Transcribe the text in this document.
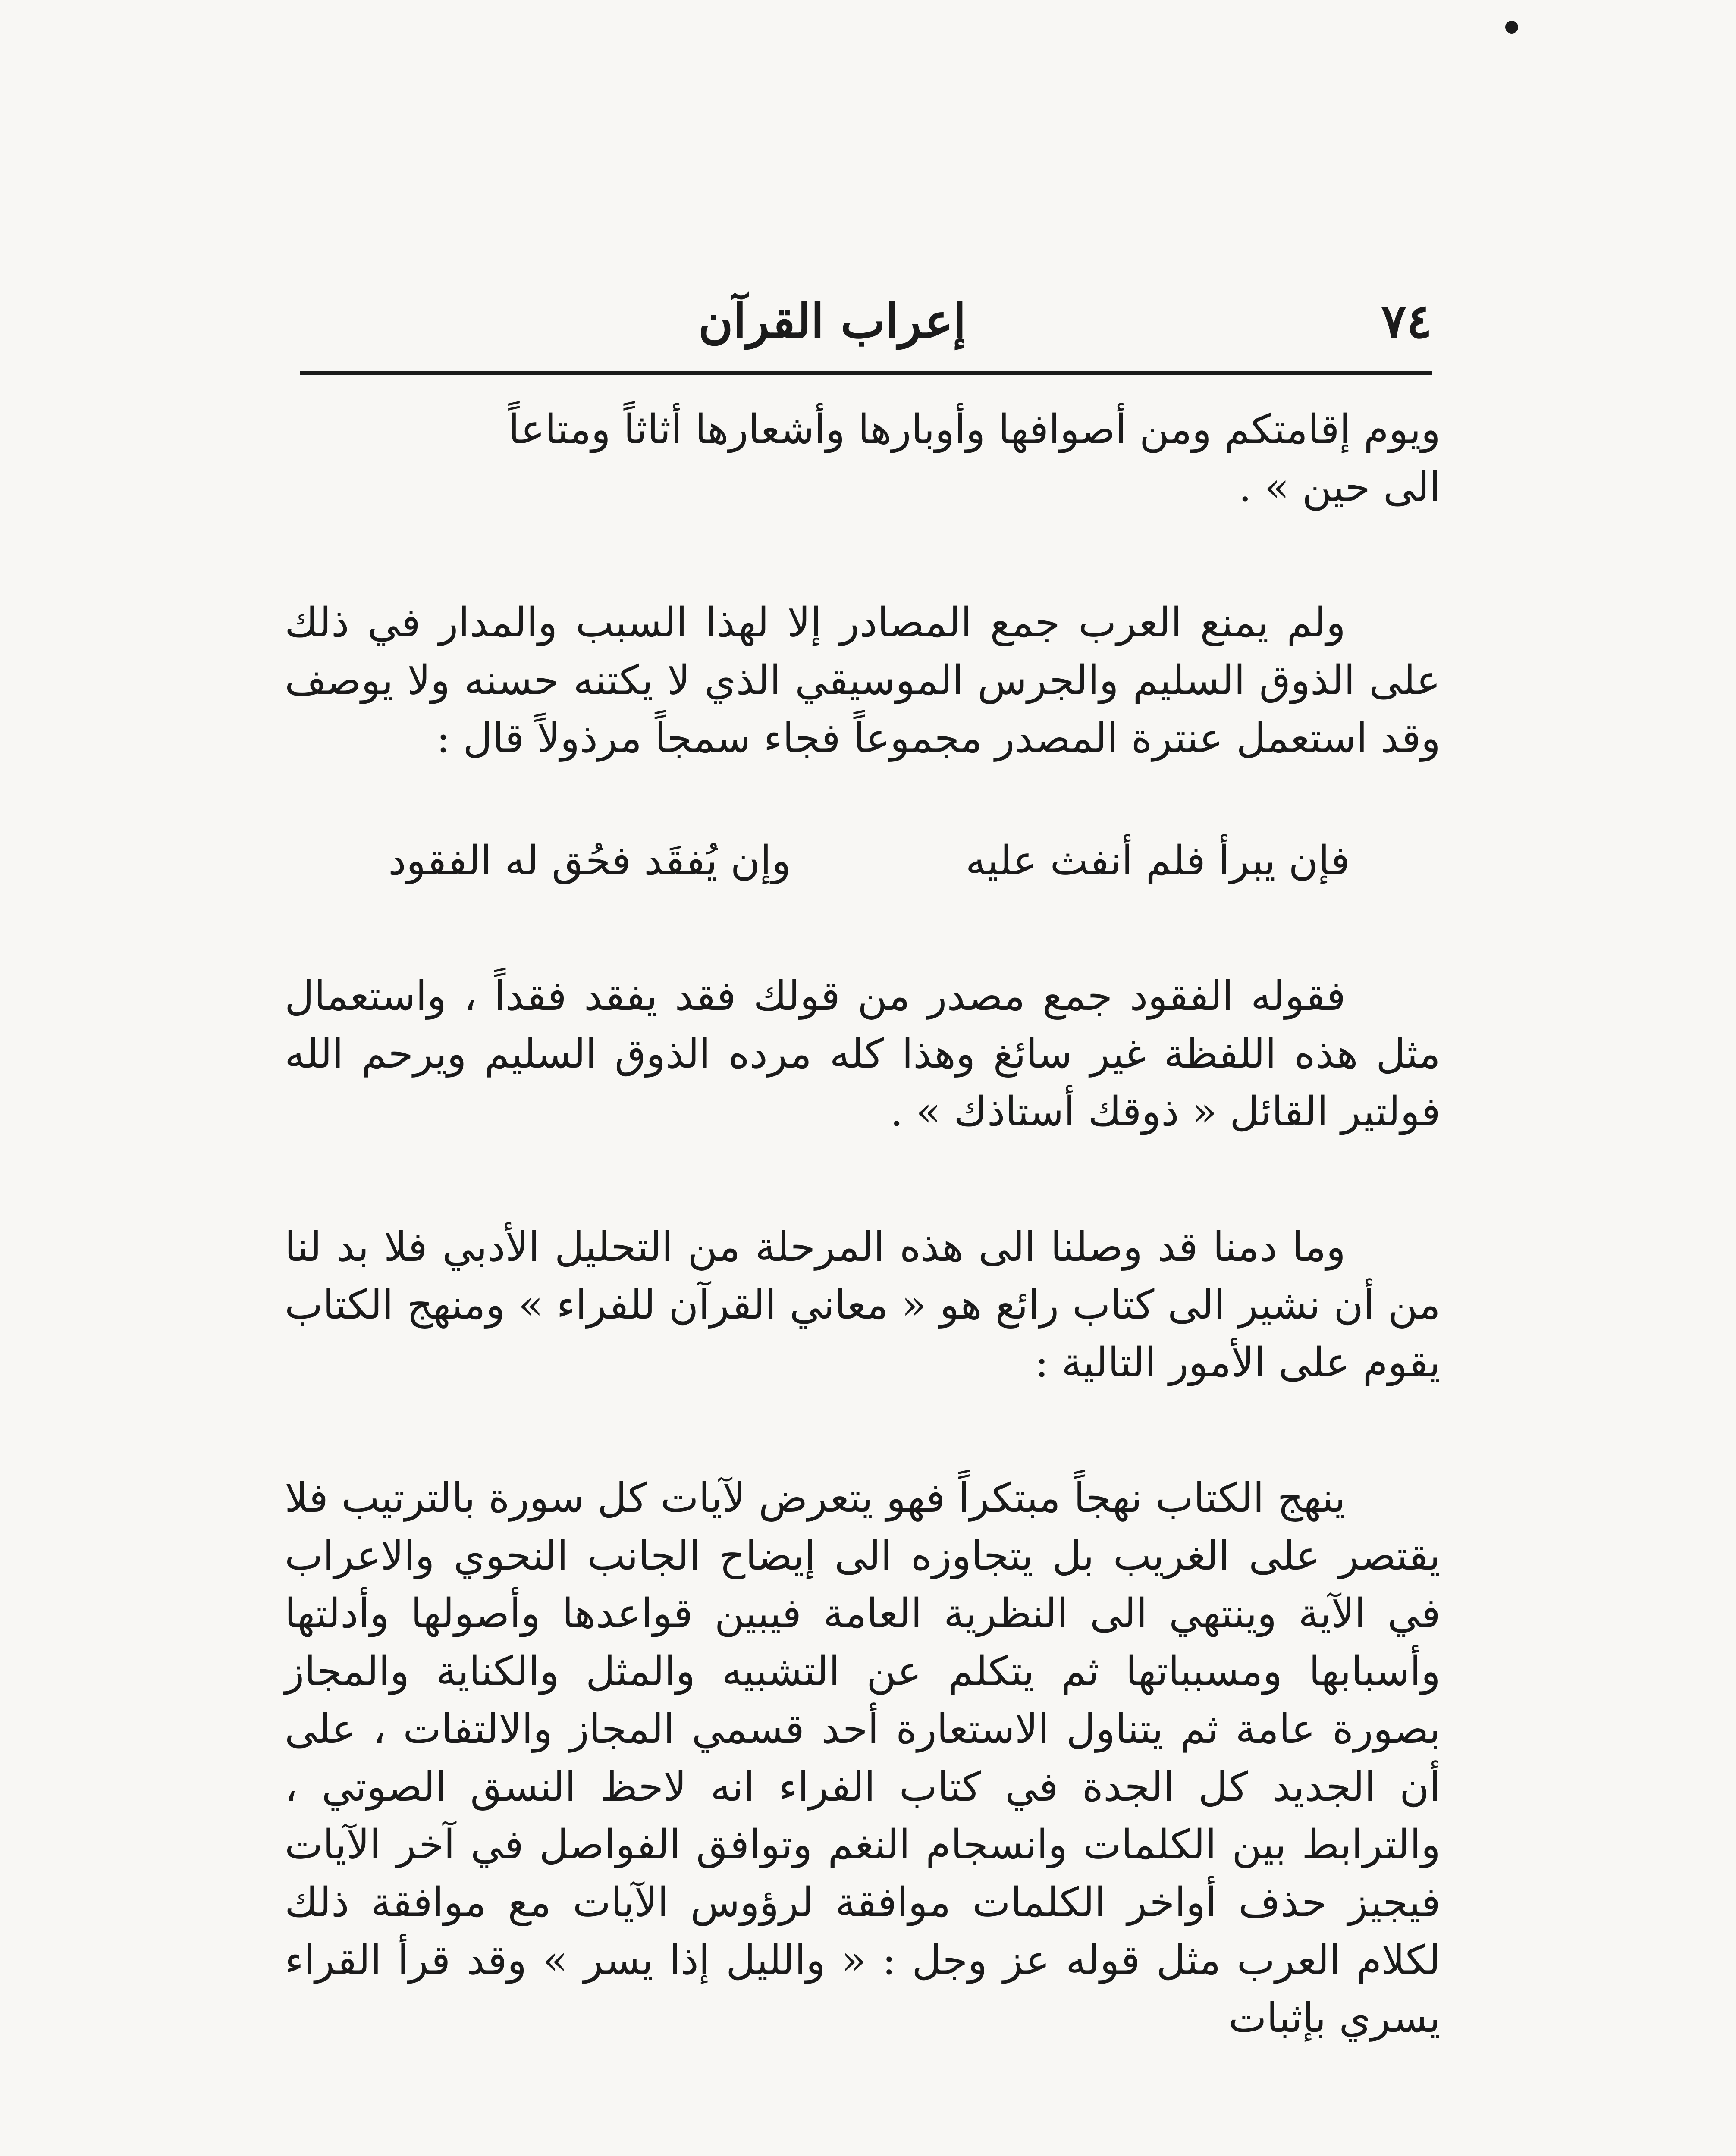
٧٤
إعراب القرآن

ويوم إقامتكم ومن أصوافها وأوبارها وأشعارها أثاثاً ومتاعاً

الى حين » .

ولم يمنع العرب جمع المصادر إلا لهذا السبب والمدار في ذلك على الذوق السليم والجرس الموسيقي الذي لا يكتنه حسنه ولا يوصف وقد استعمل عنترة المصدر مجموعاً فجاء سمجاً مرذولاً قال :

فإن يبرأ فلم أنفث عليه
وإن يُفقَد فحُق له الفقود

فقوله الفقود جمع مصدر من قولك فقد يفقد فقداً ، واستعمال مثل هذه اللفظة غير سائغ وهذا كله مرده الذوق السليم ويرحم الله فولتير القائل « ذوقك أستاذك » .

وما دمنا قد وصلنا الى هذه المرحلة من التحليل الأدبي فلا بد لنا من أن نشير الى كتاب رائع هو « معاني القرآن للفراء » ومنهج الكتاب يقوم على الأمور التالية :

ينهج الكتاب نهجاً مبتكراً فهو يتعرض لآيات كل سورة بالترتيب فلا يقتصر على الغريب بل يتجاوزه الى إيضاح الجانب النحوي والاعراب في الآية وينتهي الى النظرية العامة فيبين قواعدها وأصولها وأدلتها وأسبابها ومسبباتها ثم يتكلم عن التشبيه والمثل والكناية والمجاز بصورة عامة ثم يتناول الاستعارة أحد قسمي المجاز والالتفات ، على أن الجديد كل الجدة في كتاب الفراء انه لاحظ النسق الصوتي ، والترابط بين الكلمات وانسجام النغم وتوافق الفواصل في آخر الآيات فيجيز حذف أواخر الكلمات موافقة لرؤوس الآيات مع موافقة ذلك لكلام العرب مثل قوله عز وجل : « والليل إذا يسر » وقد قرأ القراء يسري بإثبات
